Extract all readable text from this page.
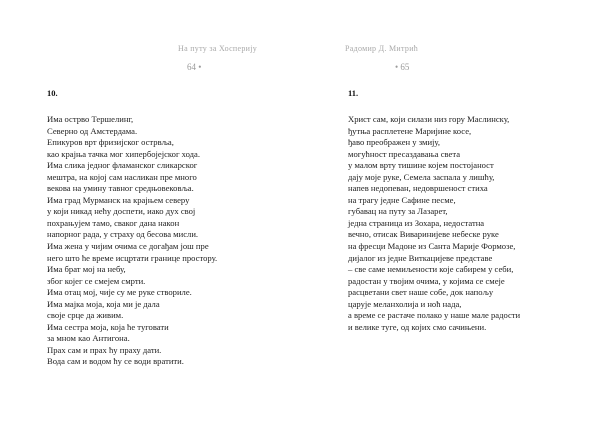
На путу за Хосперију
64 •
10.
Има острво Тершелинг,
Северно од Амстердама.
Епикуров врт фризијског острвља,
као крајња тачка мог хипербојејског хода.
Има слика једног фламанског сликарског
мештра, на којој сам насликан пре много
векова на умину тавног средњовековља.
Има град Мурманск на крајњем северу
у који никад нећу доспети, иако дух свој
похрањујем тамо, сваког дана након
напорног рада, у страху од бесова мисли.
Има жена у чијим очима се догађам још пре
него што ће време исцртати границе простору.
Има брат мој на небу,
због којег се смејем смрти.
Има отац мој, чије су ме руке створиле.
Има мајка моја, која ми је дала
своје срце да живим.
Има сестра моја, која ће туговати
за мном као Антигона.
Прах сам и прах ћу праху дати.
Вода сам и водом ћу се води вратити.
Радомир Д. Митрић
• 65
11.
Христ сам, који силази низ гору Маслинску,
ђутња расплетене Маријине косе,
ђаво преображен у змију,
могућност пресаздавања света
у малом врту тишине којем постојаност
дају моје руке, Семела заспала у лишћу,
напев недопеван, недовршеност стиха
на трагу једне Сафине песме,
губавац на путу за Лазарет,
једна страница из Зохара, недостатна
вечно, отисак Виваринијеве небеске руке
на фресци Мадоне из Санта Марије Формозе,
дијалог из једне Виткацијеве представе
– све саме немиљености које сабирем у себи,
радостан у твојим очима, у којима се смеје
расцветани свет наше собе, док напољу
царује меланхолија и ноћ нада,
а време се растаче полако у наше мале радости
и велике туге, од којих смо сачињени.
